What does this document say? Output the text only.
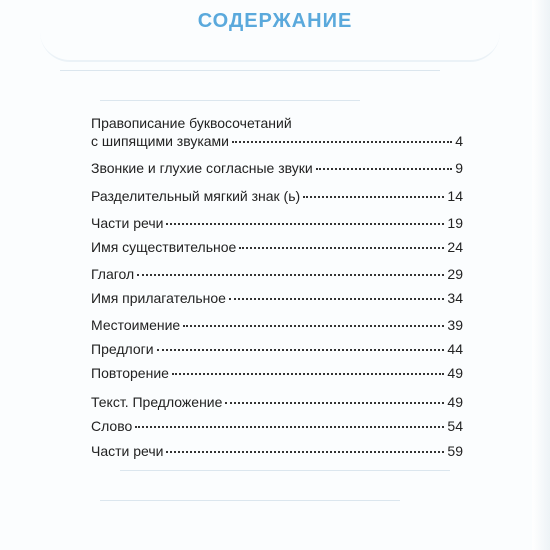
СОДЕРЖАНИЕ
Правописание буквосочетаний
с шипящими звуками	4
Звонкие и глухие согласные звуки	9
Разделительный мягкий знак (ь)	14
Части речи	19
Имя существительное	24
Глагол	29
Имя прилагательное	34
Местоимение	39
Предлоги	44
Повторение	49
Текст. Предложение	49
Слово	54
Части речи	59
